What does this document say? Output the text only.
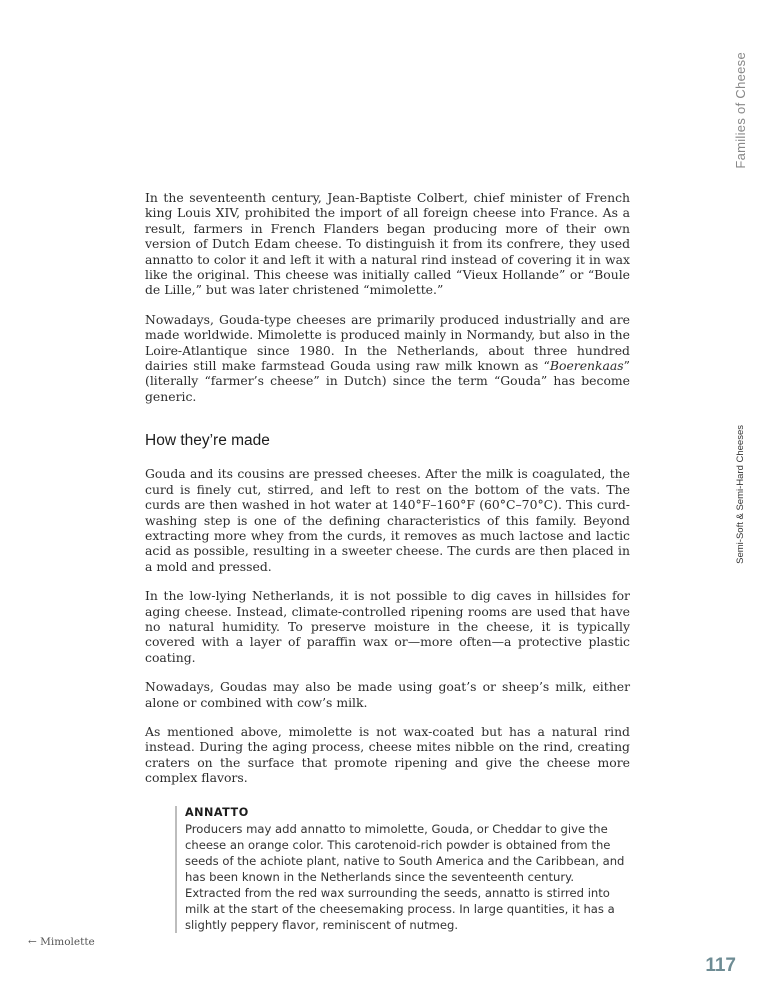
Families of Cheese
Semi-Soft & Semi-Hard Cheeses

In the seventeenth century, Jean-Baptiste Colbert, chief minister of French king Louis XIV, prohibited the import of all foreign cheese into France. As a result, farmers in French Flanders began producing more of their own version of Dutch Edam cheese. To distinguish it from its confrere, they used annatto to color it and left it with a natural rind instead of covering it in wax like the original. This cheese was initially called “Vieux Hollande” or “Boule de Lille,” but was later christened “mimolette.”

Nowadays, Gouda-type cheeses are primarily produced industrially and are made worldwide. Mimolette is produced mainly in Normandy, but also in the Loire-Atlantique since 1980. In the Netherlands, about three hundred dairies still make farmstead Gouda using raw milk known as “Boerenkaas” (literally “farmer’s cheese” in Dutch) since the term “Gouda” has become generic.

How they’re made

Gouda and its cousins are pressed cheeses. After the milk is coagulated, the curd is finely cut, stirred, and left to rest on the bottom of the vats. The curds are then washed in hot water at 140°F–160°F (60°C–70°C). This curd-washing step is one of the defining characteristics of this family. Beyond extracting more whey from the curds, it removes as much lactose and lactic acid as possible, resulting in a sweeter cheese. The curds are then placed in a mold and pressed.

In the low-lying Netherlands, it is not possible to dig caves in hillsides for aging cheese. Instead, climate-controlled ripening rooms are used that have no natural humidity. To preserve moisture in the cheese, it is typically covered with a layer of paraffin wax or—more often—a protective plastic coating.

Nowadays, Goudas may also be made using goat’s or sheep’s milk, either alone or combined with cow’s milk.

As mentioned above, mimolette is not wax-coated but has a natural rind instead. During the aging process, cheese mites nibble on the rind, creating craters on the surface that promote ripening and give the cheese more complex flavors.

ANNATTO
Producers may add annatto to mimolette, Gouda, or Cheddar to give the cheese an orange color. This carotenoid-rich powder is obtained from the seeds of the achiote plant, native to South America and the Caribbean, and has been known in the Netherlands since the seventeenth century. Extracted from the red wax surrounding the seeds, annatto is stirred into milk at the start of the cheesemaking process. In large quantities, it has a slightly peppery flavor, reminiscent of nutmeg.
← Mimolette
117
